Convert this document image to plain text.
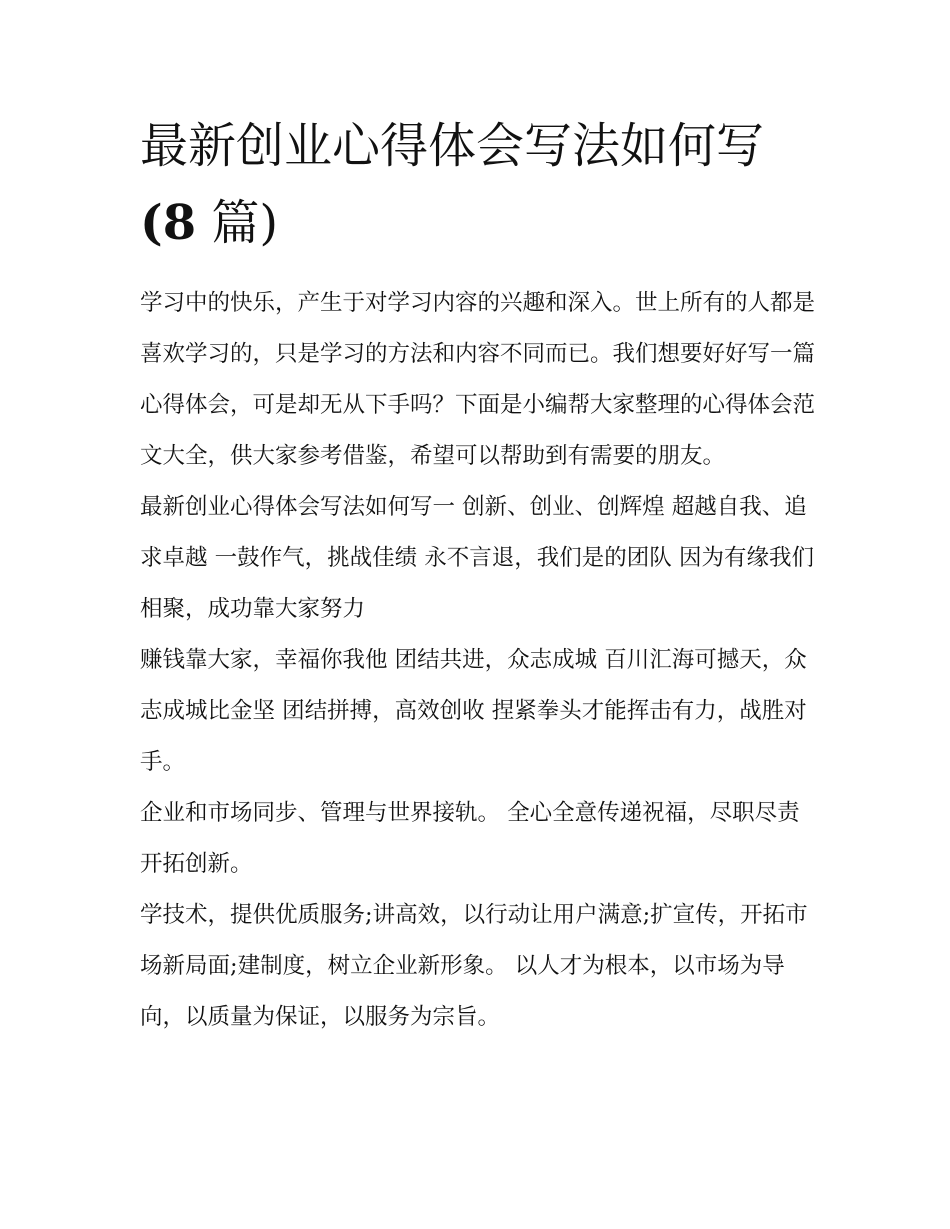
最新创业心得体会写法如何写
(8 篇)

学习中的快乐，产生于对学习内容的兴趣和深入。世上所有的人都是喜欢学习的，只是学习的方法和内容不同而已。我们想要好好写一篇心得体会，可是却无从下手吗？下面是小编帮大家整理的心得体会范文大全，供大家参考借鉴，希望可以帮助到有需要的朋友。

最新创业心得体会写法如何写一 创新、创业、创辉煌 超越自我、追求卓越 一鼓作气，挑战佳绩 永不言退，我们是的团队 因为有缘我们相聚，成功靠大家努力

赚钱靠大家，幸福你我他 团结共进，众志成城 百川汇海可撼天，众志成城比金坚 团结拼搏，高效创收 捏紧拳头才能挥击有力，战胜对手。

企业和市场同步、管理与世界接轨。 全心全意传递祝福，尽职尽责开拓创新。

学技术，提供优质服务;讲高效，以行动让用户满意;扩宣传，开拓市场新局面;建制度，树立企业新形象。 以人才为根本，以市场为导向，以质量为保证，以服务为宗旨。
